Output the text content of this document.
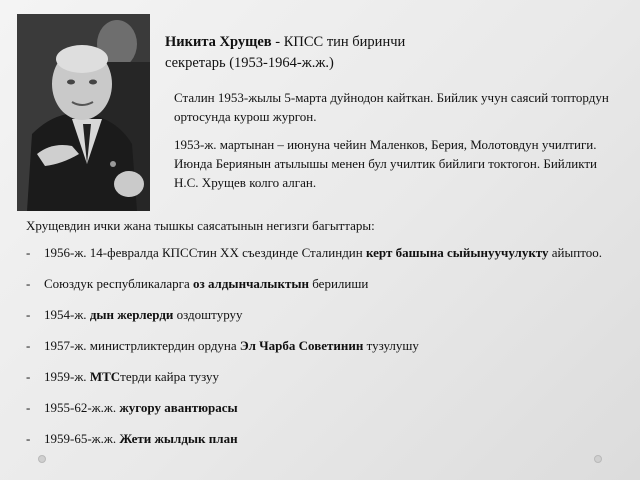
Никита Хрущев - КПСС тин биринчи
секретарь (1953-1964-ж.ж.)

Сталин 1953-жылы 5-марта дуйнодон кайткан. Бийлик учун саясий топтордун ортосунда курош жургон.

1953-ж. мартынан – июнуна чейин Маленков, Берия, Молотовдун училтиги. Июнда Бериянын атылышы менен бул училтик бийлиги токтогон. Бийликти Н.С. Хрущев колго алган.

Хрущевдин ички жана тышкы саясатынын негизги багыттары:
- 1956-ж. 14-февралда КПССтин ХХ съездинде Сталиндин керт башына сыйынуучулукту айыптоо.
- Союздук республикаларга оз алдынчалыктын берилиши
- 1954-ж. дын жерлерди оздоштуруу
- 1957-ж. министрликтердин ордуна Эл Чарба Советинин тузулушу
- 1959-ж. МТСтерди кайра тузуу
- 1955-62-ж.ж. жугору авантюрасы
- 1959-65-ж.ж. Жети жылдык план
